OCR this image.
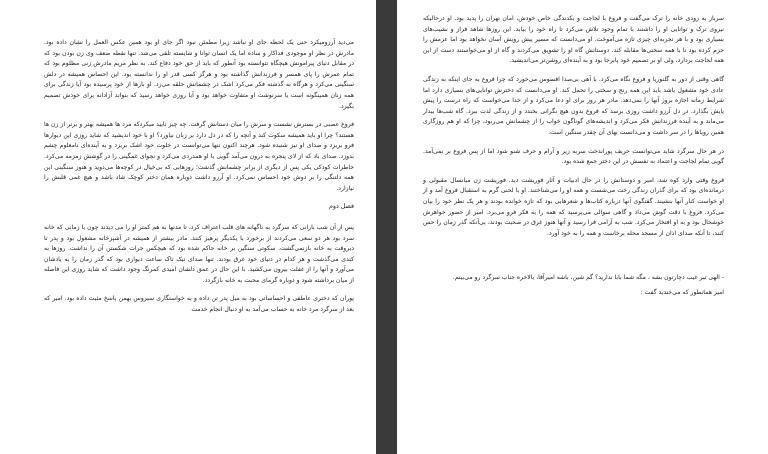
می‌دید آرزومیکرد حتی یک لحظه جای او نباشد زیرا مطمئن نبود اگر جای او بود همین عکس العمل را نشان داده بود. مادرش در نظر او موجودی فداکار و ساده اما یک انسان توانا و شایسته تلقی می‌شد. تنها نقطه ضعف وی زن بودن بود که در مقابل دنیای پیرامونش هیچگاه نتوانسته بود آنطور که باید از حق خود دفاع کند. به نظر مریم مادرش زنی مظلوم بود که تمام عمرش را پای همسر و فرزندانش گذاشته بود و هرگز کسی قدر او را ندانسته بود. این احساس همیشه در دلش سنگینی می‌کرد و هرگاه به گذشته فکر می‌کرد اشک در چشمانش حلقه می‌زد. او بارها از خود پرسیده بود آیا زندگی برای همه زنان همینگونه است یا سرنوشت او متفاوت خواهد بود و آیا روزی خواهد رسید که بتواند آزادانه برای خودش تصمیم بگیرد.

فروغ عصبی در بسترش نشست و سرش را میان دستانش گرفت. چه چیز تایید میکردکه مرد ها همیشه بهتر و برتر از زن ها هستند؟ چرا او باید همیشه سکوت کند و آنچه را که در دل دارد بر زبان نیاورد؟ او با خود اندیشید که شاید روزی این دیوارها فرو بریزد و صدای او نیز شنیده شود. هرچند اکنون تنها می‌توانست در خلوت خود اشک بریزد و به آینده‌ای نامعلوم چشم بدوزد. صدای باد که از لای پنجره به درون می‌آمد گویی با او همدردی می‌کرد و نجوای غمگینی را در گوشش زمزمه می‌کرد. خاطرات کودکی یکی پس از دیگری از برابر چشمانش گذشت؛ روزهایی که بی‌خیال در کوچه‌ها می‌دوید و هنوز سنگینی این همه دلتنگی را بر دوش خود احساس نمی‌کرد. او آرزو داشت دوباره همان دختر کوچک شاد باشد و هیچ غمی قلبش را نیازارد.

فصل دوم

پس از آن شب بارانی که سرگرد به ناگهانه های قلب اعتراف کرد، تا مدتها به هم کمتر او را می دیدند چون با زمانی که خانه سرد بود هر دو سعی می‌کردند از برخورد با یکدیگر پرهیز کنند. مادر بیشتر از همیشه در آشپزخانه مشغول بود و پدر تا دیروقت به خانه بازنمی‌گشت. سکوتی سنگین بر خانه حاکم شده بود که هیچکس جرات شکستن آن را نداشت. روزها به کندی می‌گذشت و هر کدام در دنیای خود غرق بودند. تنها صدای تیک تاک ساعت دیواری بود که گذر زمان را به یادشان می‌آورد و آنها را از غفلت بیرون می‌کشید. با این حال در عمق دلشان امیدی کمرنگ وجود داشت که شاید روزی این فاصله از میان برداشته شود و دوباره گرمای محبت به خانه بازگردد.

پوران که دختری عاطفی و احساساتی بود به میل پدر تن داده و به خواستگاری سیروس بهمن پاسخ مثبت داده بود. امیر که بعد از سرگرد مرد خانه به حساب می‌آمد به او دنبال انجام خدمت

سرباز به زودی خانه را ترک می‌گفت و فروغ با لجاجت و یکدندگی خاص خودش، امان تهران را پدید بود. او درحالیکه نیروی ترک و توانایی او را داشتند با تمام وجود تلاش می‌کرد تا راه خود را بیابد. این روزها شاهد فراز و نشیب‌های بسیاری بود و با هر تجربه‌ای چیزی تازه می‌آموخت. او می‌دانست که مسیر پیش رویش آسان نخواهد بود اما عزمش را جزم کرده بود تا با همه سختی‌ها مقابله کند. دوستانش گاه او را تشویق می‌کردند و گاه از او می‌خواستند دست از این همه لجاجت بردارد، ولی او بر تصمیم خود پابرجا بود و به آینده‌ای روشن‌تر می‌اندیشید.

گاهی وقتی از دور به گلنوریا و فروغ نگاه می‌کرد. با آهی بی‌صدا افسوس می‌خورد که چرا فروغ به جای اینکه به زندگی عادی خود مشغول باشد باید این همه رنج و سختی را تحمل کند. او می‌دانست که دخترش توانایی‌های بسیاری دارد اما شرایط زمانه اجازه بروز آنها را نمی‌دهد. مادر هر روز برای او دعا می‌کرد و از خدا می‌خواست که راه درست را پیش پایش بگذارد. در دل آرزو داشت روزی برسد که فروغ بدون هیچ نگرانی بخندد و از زندگی لذت ببرد. گاه شب‌ها بیدار می‌ماند و به آینده فرزندانش فکر می‌کرد و اندیشه‌های گوناگون خواب را از چشمانش می‌ربود، چرا که او هم روزگاری همین رویاها را در سر داشت و می‌دانست بهای آن چقدر سنگین است.

در هر حال سرگرد شاید می‌توانست حریف پوراندخت سربه زیر و آرام و حرف شنو شود اما از پس فروغ بر نمی‌آمد. گویی تمام لجاجت و اعتماد به نفسش در این دختر جمع شده بود.

فروغ وقتی وارد کوه شد، امیر و دوستانش را در حال ادبیات و آثار فوریشت دید. فوریشت زن میانسال مقبولی و درمانده‌ای بود که برای گذران زندگی رخت می‌شست و همه او را می‌شناختند. او با لحنی گرم به استقبال فروغ آمد و از او خواست کنار آنها بنشیند. گفتگوی آنها درباره کتاب‌ها و شعرهایی بود که تازه خوانده بودند و هر یک نظر خود را بیان می‌کرد. فروغ با دقت گوش می‌داد و گاهی سوالی می‌پرسید که همه را به فکر فرو می‌برد. امیر از حضور خواهرش خوشحال بود و به او افتخار می‌کرد. شب به آرامی فرا رسید و آنها هنوز غرق در صحبت بودند، بی‌آنکه گذر زمان را حس کنند، تا آنکه صدای اذان از مسجد محله برخاست و همه را به خود آورد.

- الهی تیر غیب دچارتون بشه ، مگه شما بابا ندارید؟ گم شین، باشه امیرآقا، بالاخره جناب سرگرد رو می‌بینم.

امیر همانطور که می‌خندید گفت :
